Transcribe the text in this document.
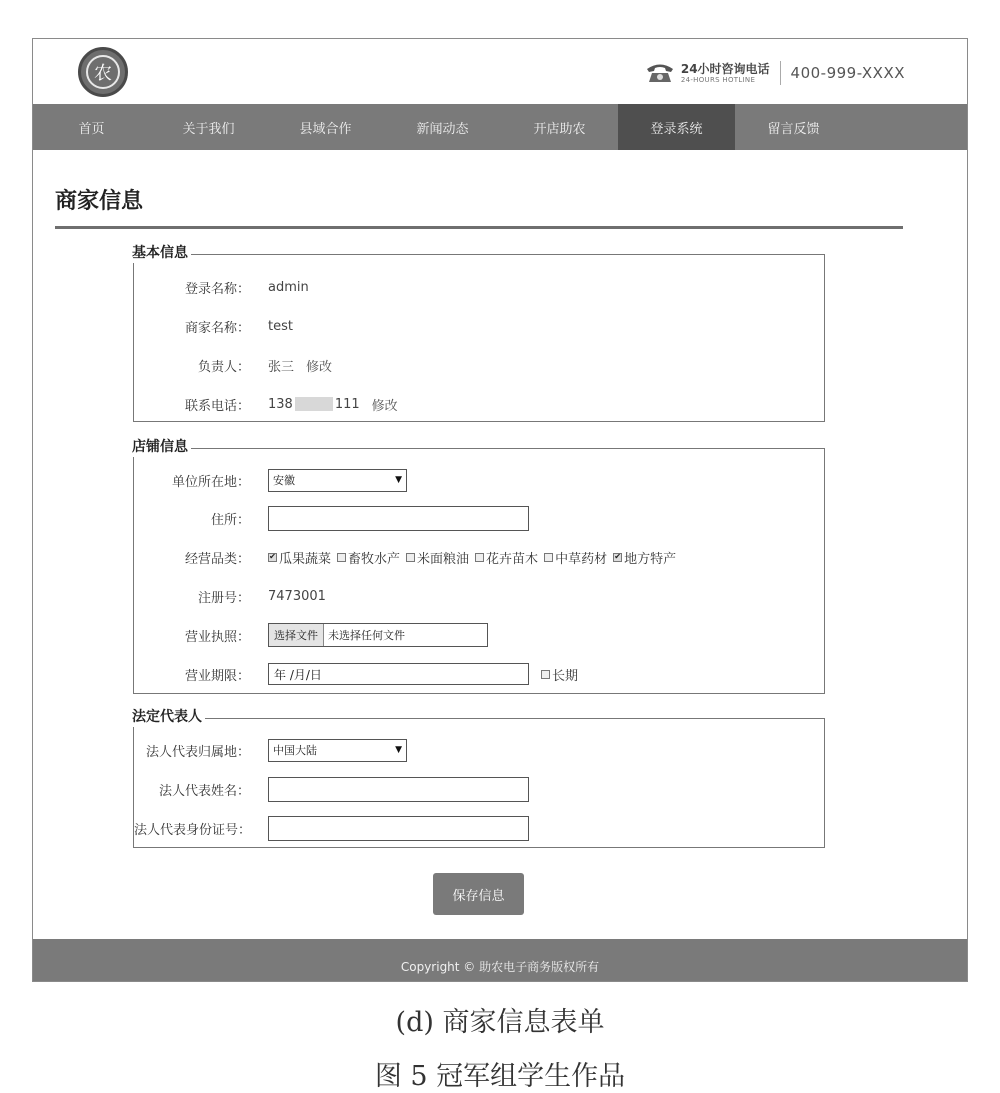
农	24小时咨询电话
24-HOURS HOTLINE	400-999-XXXX
首页	关于我们	县域合作	新闻动态	开店助农	登录系统	留言反馈
商家信息
基本信息
登录名称：	admin
商家名称：	test
负责人：	张三 修改
联系电话：	138	111 修改
店铺信息
单位所在地：	安徽	▼
住所：
经营品类：	✔ 瓜果蔬菜 畜牧水产 米面粮油 花卉苗木 中草药材 ✔ 地方特产
注册号：	7473001
营业执照：	选择文件 未选择任何文件
营业期限：	年 /月/日	长期
法定代表人
法人代表归属地：	中国大陆	▼
法人代表姓名：
法人代表身份证号：
保存信息
Copyright © 助农电子商务版权所有
(d) 商家信息表单
图 5 冠军组学生作品
